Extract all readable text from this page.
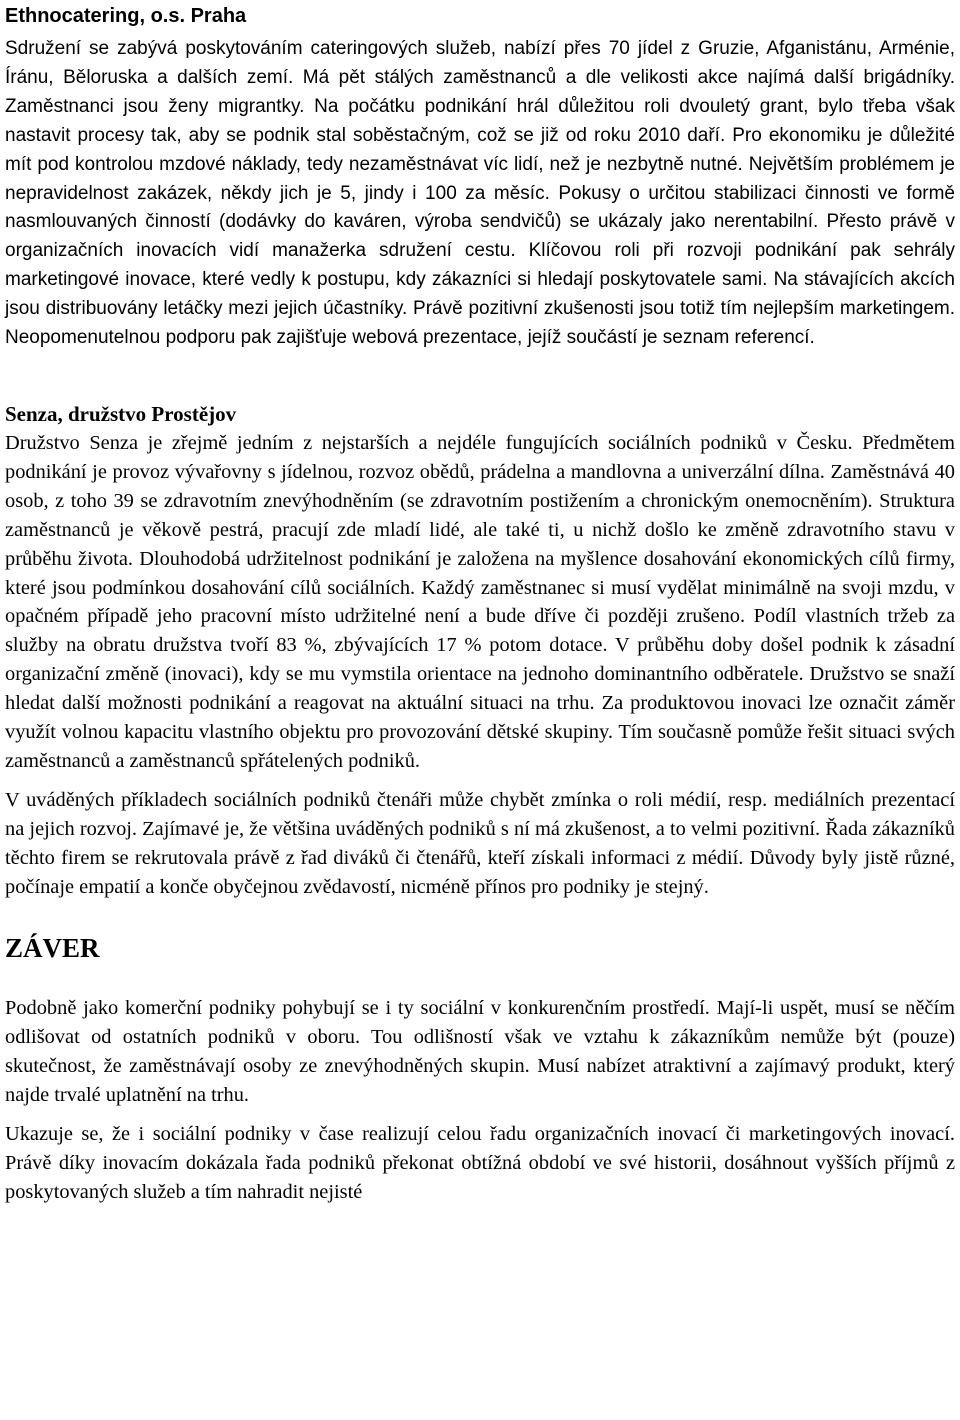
Ethnocatering, o.s. Praha

Sdružení se zabývá poskytováním cateringových služeb, nabízí přes 70 jídel z Gruzie, Afganistánu, Arménie, Íránu, Běloruska a dalších zemí. Má pět stálých zaměstnanců a dle velikosti akce najímá další brigádníky. Zaměstnanci jsou ženy migrantky. Na počátku podnikání hrál důležitou roli dvouletý grant, bylo třeba však nastavit procesy tak, aby se podnik stal soběstačným, což se již od roku 2010 daří. Pro ekonomiku je důležité mít pod kontrolou mzdové náklady, tedy nezaměstnávat víc lidí, než je nezbytně nutné. Největším problémem je nepravidelnost zakázek, někdy jich je 5, jindy i 100 za měsíc. Pokusy o určitou stabilizaci činnosti ve formě nasmlouvaných činností (dodávky do kaváren, výroba sendvičů) se ukázaly jako nerentabilní. Přesto právě v organizačních inovacích vidí manažerka sdružení cestu. Klíčovou roli při rozvoji podnikání pak sehrály marketingové inovace, které vedly k postupu, kdy zákazníci si hledají poskytovatele sami. Na stávajících akcích jsou distribuovány letáčky mezi jejich účastníky. Právě pozitivní zkušenosti jsou totiž tím nejlepším marketingem. Neopomenutelnou podporu pak zajišťuje webová prezentace, jejíž součástí je seznam referencí.

Senza, družstvo Prostějov

Družstvo Senza je zřejmě jedním z nejstarších a nejdéle fungujících sociálních podniků v Česku. Předmětem podnikání je provoz vývařovny s jídelnou, rozvoz obědů, prádelna a mandlovna a univerzální dílna. Zaměstnává 40 osob, z toho 39 se zdravotním znevýhodněním (se zdravotním postižením a chronickým onemocněním). Struktura zaměstnanců je věkově pestrá, pracují zde mladí lidé, ale také ti, u nichž došlo ke změně zdravotního stavu v průběhu života. Dlouhodobá udržitelnost podnikání je založena na myšlence dosahování ekonomických cílů firmy, které jsou podmínkou dosahování cílů sociálních. Každý zaměstnanec si musí vydělat minimálně na svoji mzdu, v opačném případě jeho pracovní místo udržitelné není a bude dříve či později zrušeno. Podíl vlastních tržeb za služby na obratu družstva tvoří 83 %, zbývajících 17 % potom dotace. V průběhu doby došel podnik k zásadní organizační změně (inovaci), kdy se mu vymstila orientace na jednoho dominantního odběratele. Družstvo se snaží hledat další možnosti podnikání a reagovat na aktuální situaci na trhu. Za produktovou inovaci lze označit záměr využít volnou kapacitu vlastního objektu pro provozování dětské skupiny. Tím současně pomůže řešit situaci svých zaměstnanců a zaměstnanců spřátelených podniků.

V uváděných příkladech sociálních podniků čtenáři může chybět zmínka o roli médií, resp. mediálních prezentací na jejich rozvoj. Zajímavé je, že většina uváděných podniků s ní má zkušenost, a to velmi pozitivní. Řada zákazníků těchto firem se rekrutovala právě z řad diváků či čtenářů, kteří získali informaci z médií. Důvody byly jistě různé, počínaje empatií a konče obyčejnou zvědavostí, nicméně přínos pro podniky je stejný.

ZÁVER

Podobně jako komerční podniky pohybují se i ty sociální v konkurenčním prostředí. Mají-li uspět, musí se něčím odlišovat od ostatních podniků v oboru. Tou odlišností však ve vztahu k zákazníkům nemůže být (pouze) skutečnost, že zaměstnávají osoby ze znevýhodněných skupin. Musí nabízet atraktivní a zajímavý produkt, který najde trvalé uplatnění na trhu.

Ukazuje se, že i sociální podniky v čase realizují celou řadu organizačních inovací či marketingových inovací. Právě díky inovacím dokázala řada podniků překonat obtížná období ve své historii, dosáhnout vyšších příjmů z poskytovaných služeb a tím nahradit nejisté
